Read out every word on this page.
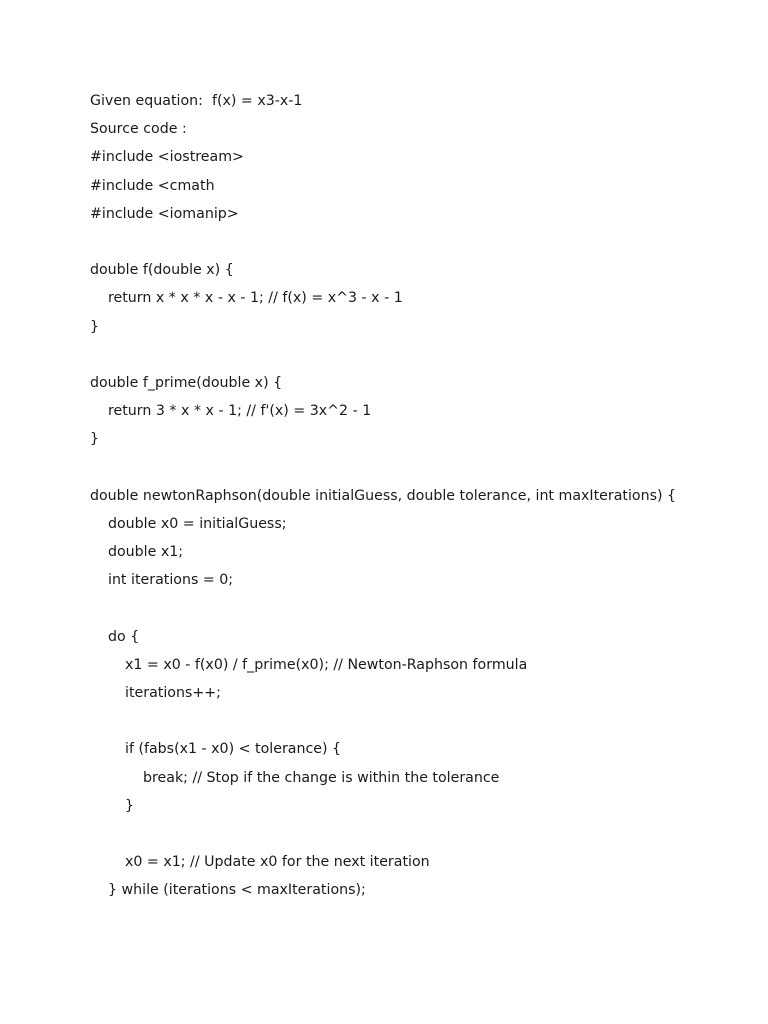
Given equation:  f(x) = x3-x-1
Source code :
#include <iostream>
#include <cmath
#include <iomanip>
double f(double x) {
return x * x * x - x - 1; // f(x) = x^3 - x - 1
}
double f_prime(double x) {
return 3 * x * x - 1; // f'(x) = 3x^2 - 1
}
double newtonRaphson(double initialGuess, double tolerance, int maxIterations) {
double x0 = initialGuess;
double x1;
int iterations = 0;
do {
x1 = x0 - f(x0) / f_prime(x0); // Newton-Raphson formula
iterations++;
if (fabs(x1 - x0) < tolerance) {
break; // Stop if the change is within the tolerance
}
x0 = x1; // Update x0 for the next iteration
} while (iterations < maxIterations);
